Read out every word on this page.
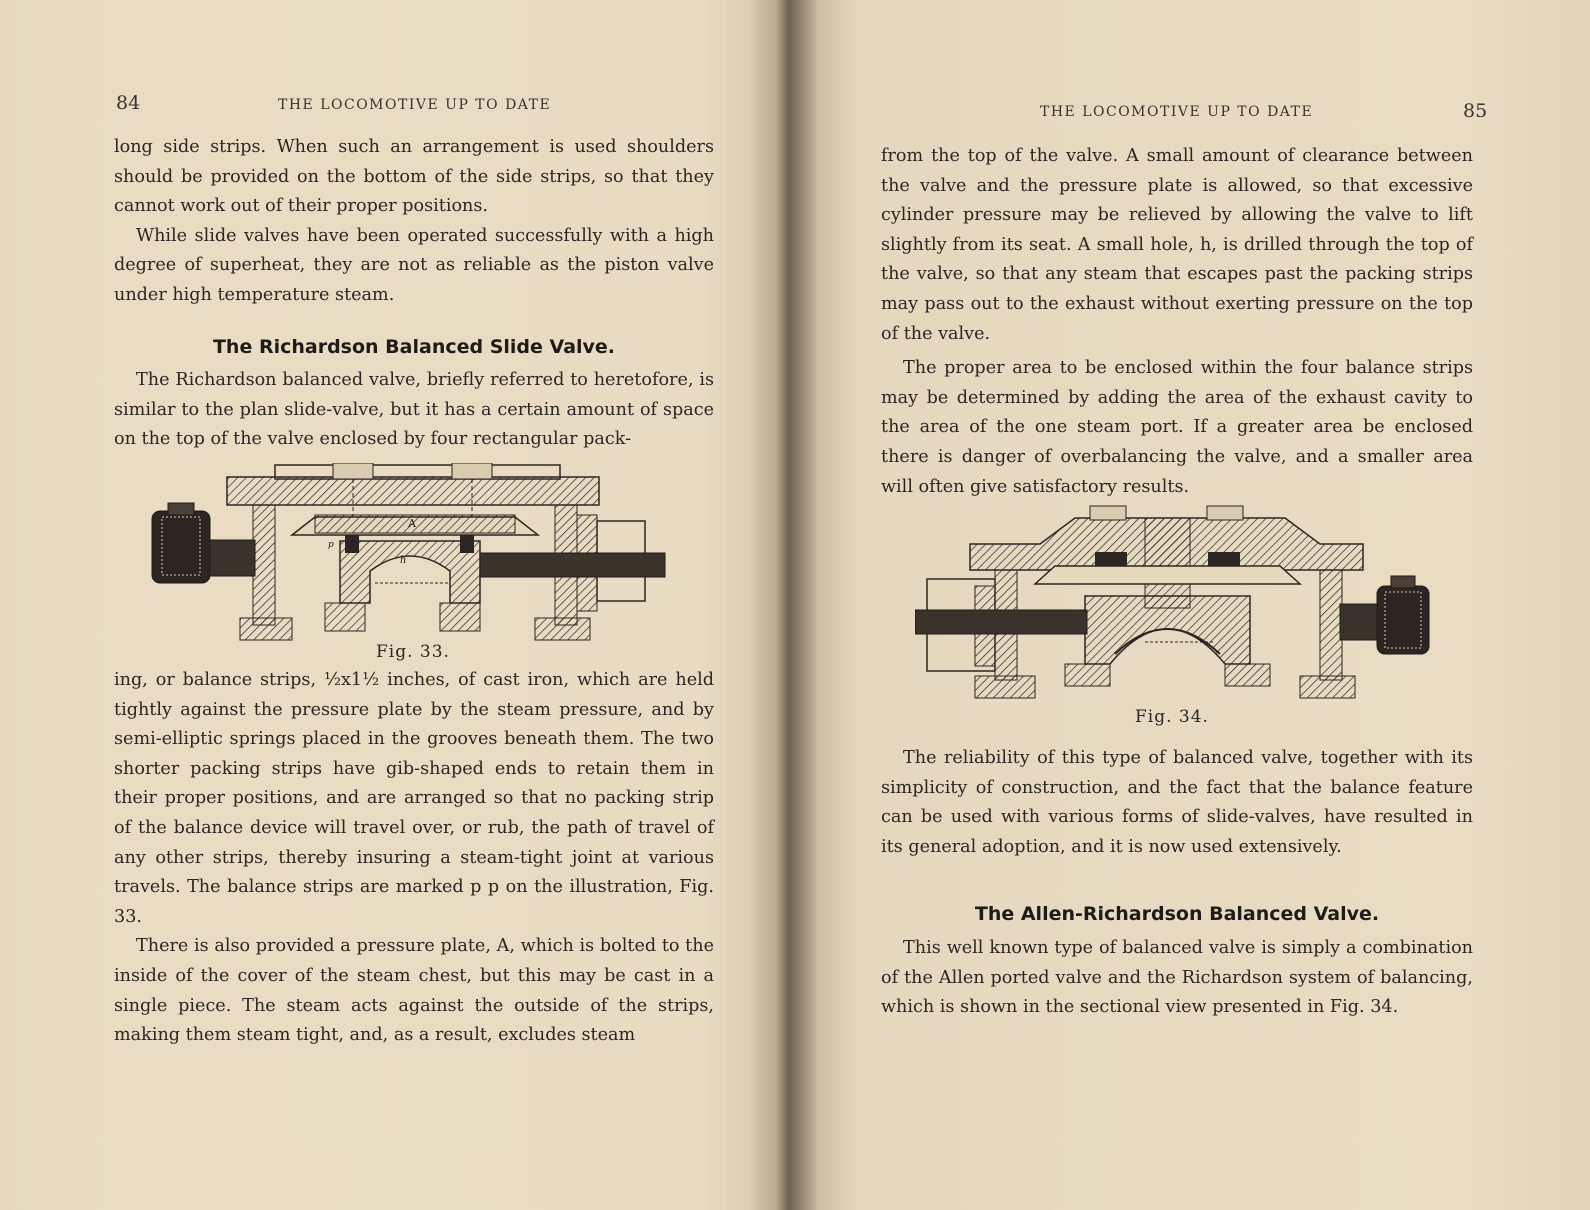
84	THE LOCOMOTIVE UP TO DATE

long side strips. When such an arrangement is used shoulders should be provided on the bottom of the side strips, so that they cannot work out of their proper positions.

While slide valves have been operated successfully with a high degree of superheat, they are not as reliable as the piston valve under high temperature steam.

The Richardson Balanced Slide Valve.

The Richardson balanced valve, briefly referred to heretofore, is similar to the plan slide-valve, but it has a certain amount of space on the top of the valve enclosed by four rectangular pack-

A
p
h
Fig. 33.

ing, or balance strips, ½x1½ inches, of cast iron, which are held tightly against the pressure plate by the steam pressure, and by semi-elliptic springs placed in the grooves beneath them. The two shorter packing strips have gib-shaped ends to retain them in their proper positions, and are arranged so that no packing strip of the balance device will travel over, or rub, the path of travel of any other strips, thereby insuring a steam-tight joint at various travels. The balance strips are marked p p on the illustration, Fig. 33.

There is also provided a pressure plate, A, which is bolted to the inside of the cover of the steam chest, but this may be cast in a single piece. The steam acts against the outside of the strips, making them steam tight, and, as a result, excludes steam

THE LOCOMOTIVE UP TO DATE	85

from the top of the valve. A small amount of clearance between the valve and the pressure plate is allowed, so that excessive cylinder pressure may be relieved by allowing the valve to lift slightly from its seat. A small hole, h, is drilled through the top of the valve, so that any steam that escapes past the packing strips may pass out to the exhaust without exerting pressure on the top of the valve.

The proper area to be enclosed within the four balance strips may be determined by adding the area of the exhaust cavity to the area of the one steam port. If a greater area be enclosed there is danger of overbalancing the valve, and a smaller area will often give satisfactory results.

Fig. 34.

The reliability of this type of balanced valve, together with its simplicity of construction, and the fact that the balance feature can be used with various forms of slide-valves, have resulted in its general adoption, and it is now used extensively.

The Allen-Richardson Balanced Valve.

This well known type of balanced valve is simply a combination of the Allen ported valve and the Richardson system of balancing, which is shown in the sectional view presented in Fig. 34.
